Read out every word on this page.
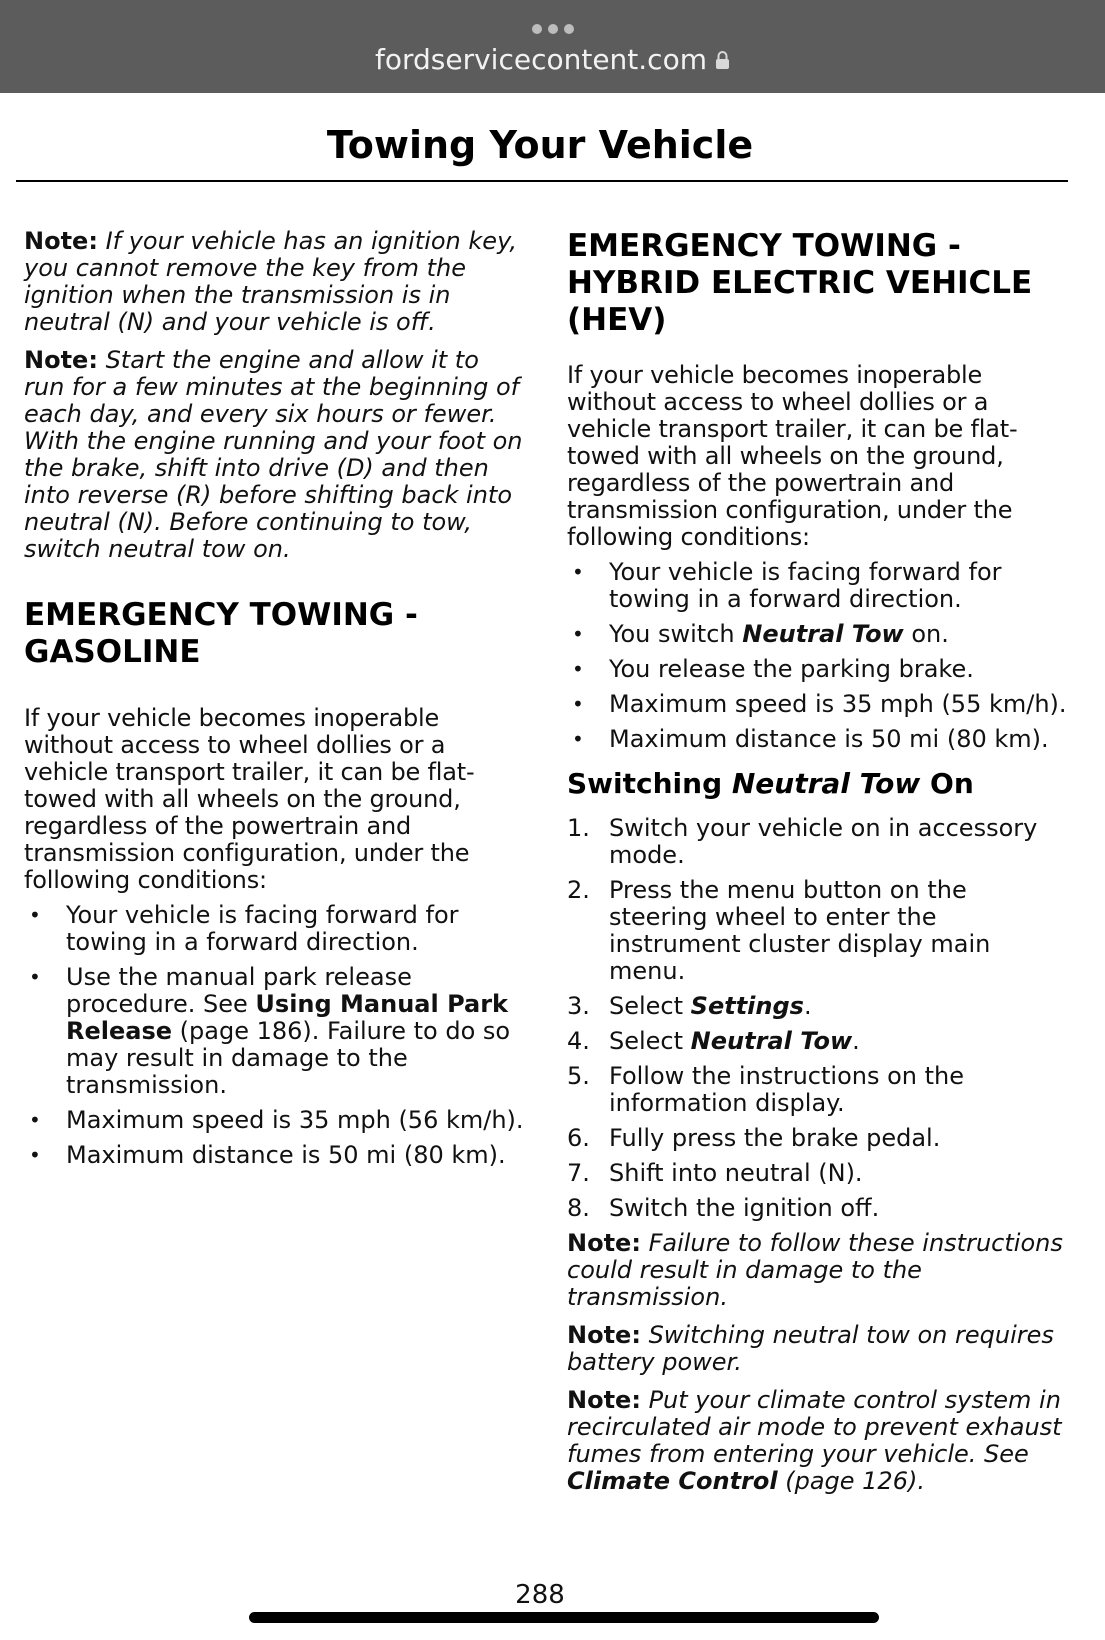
fordservicecontent.com
Towing Your Vehicle

Note: If your vehicle has an ignition key, you cannot remove the key from the ignition when the transmission is in neutral (N) and your vehicle is off.

Note: Start the engine and allow it to run for a few minutes at the beginning of each day, and every six hours or fewer. With the engine running and your foot on the brake, shift into drive (D) and then into reverse (R) before shifting back into neutral (N). Before continuing to tow, switch neutral tow on.

EMERGENCY TOWING - GASOLINE

If your vehicle becomes inoperable without access to wheel dollies or a vehicle transport trailer, it can be flat-towed with all wheels on the ground, regardless of the powertrain and transmission configuration, under the following conditions:

• Your vehicle is facing forward for towing in a forward direction.
• Use the manual park release procedure. See Using Manual Park Release (page 186). Failure to do so may result in damage to the transmission.
• Maximum speed is 35 mph (56 km/h).
• Maximum distance is 50 mi (80 km).
EMERGENCY TOWING - HYBRID ELECTRIC VEHICLE (HEV)

If your vehicle becomes inoperable without access to wheel dollies or a vehicle transport trailer, it can be flat-towed with all wheels on the ground, regardless of the powertrain and transmission configuration, under the following conditions:

• Your vehicle is facing forward for towing in a forward direction.
• You switch Neutral Tow on.
• You release the parking brake.
• Maximum speed is 35 mph (55 km/h).
• Maximum distance is 50 mi (80 km).
Switching Neutral Tow On
1. Switch your vehicle on in accessory mode.
2. Press the menu button on the steering wheel to enter the instrument cluster display main menu.
3. Select Settings.
4. Select Neutral Tow.
5. Follow the instructions on the information display.
6. Fully press the brake pedal.
7. Shift into neutral (N).
8. Switch the ignition off.

Note: Failure to follow these instructions could result in damage to the transmission.

Note: Switching neutral tow on requires battery power.

Note: Put your climate control system in recirculated air mode to prevent exhaust fumes from entering your vehicle. See Climate Control (page 126).

288
